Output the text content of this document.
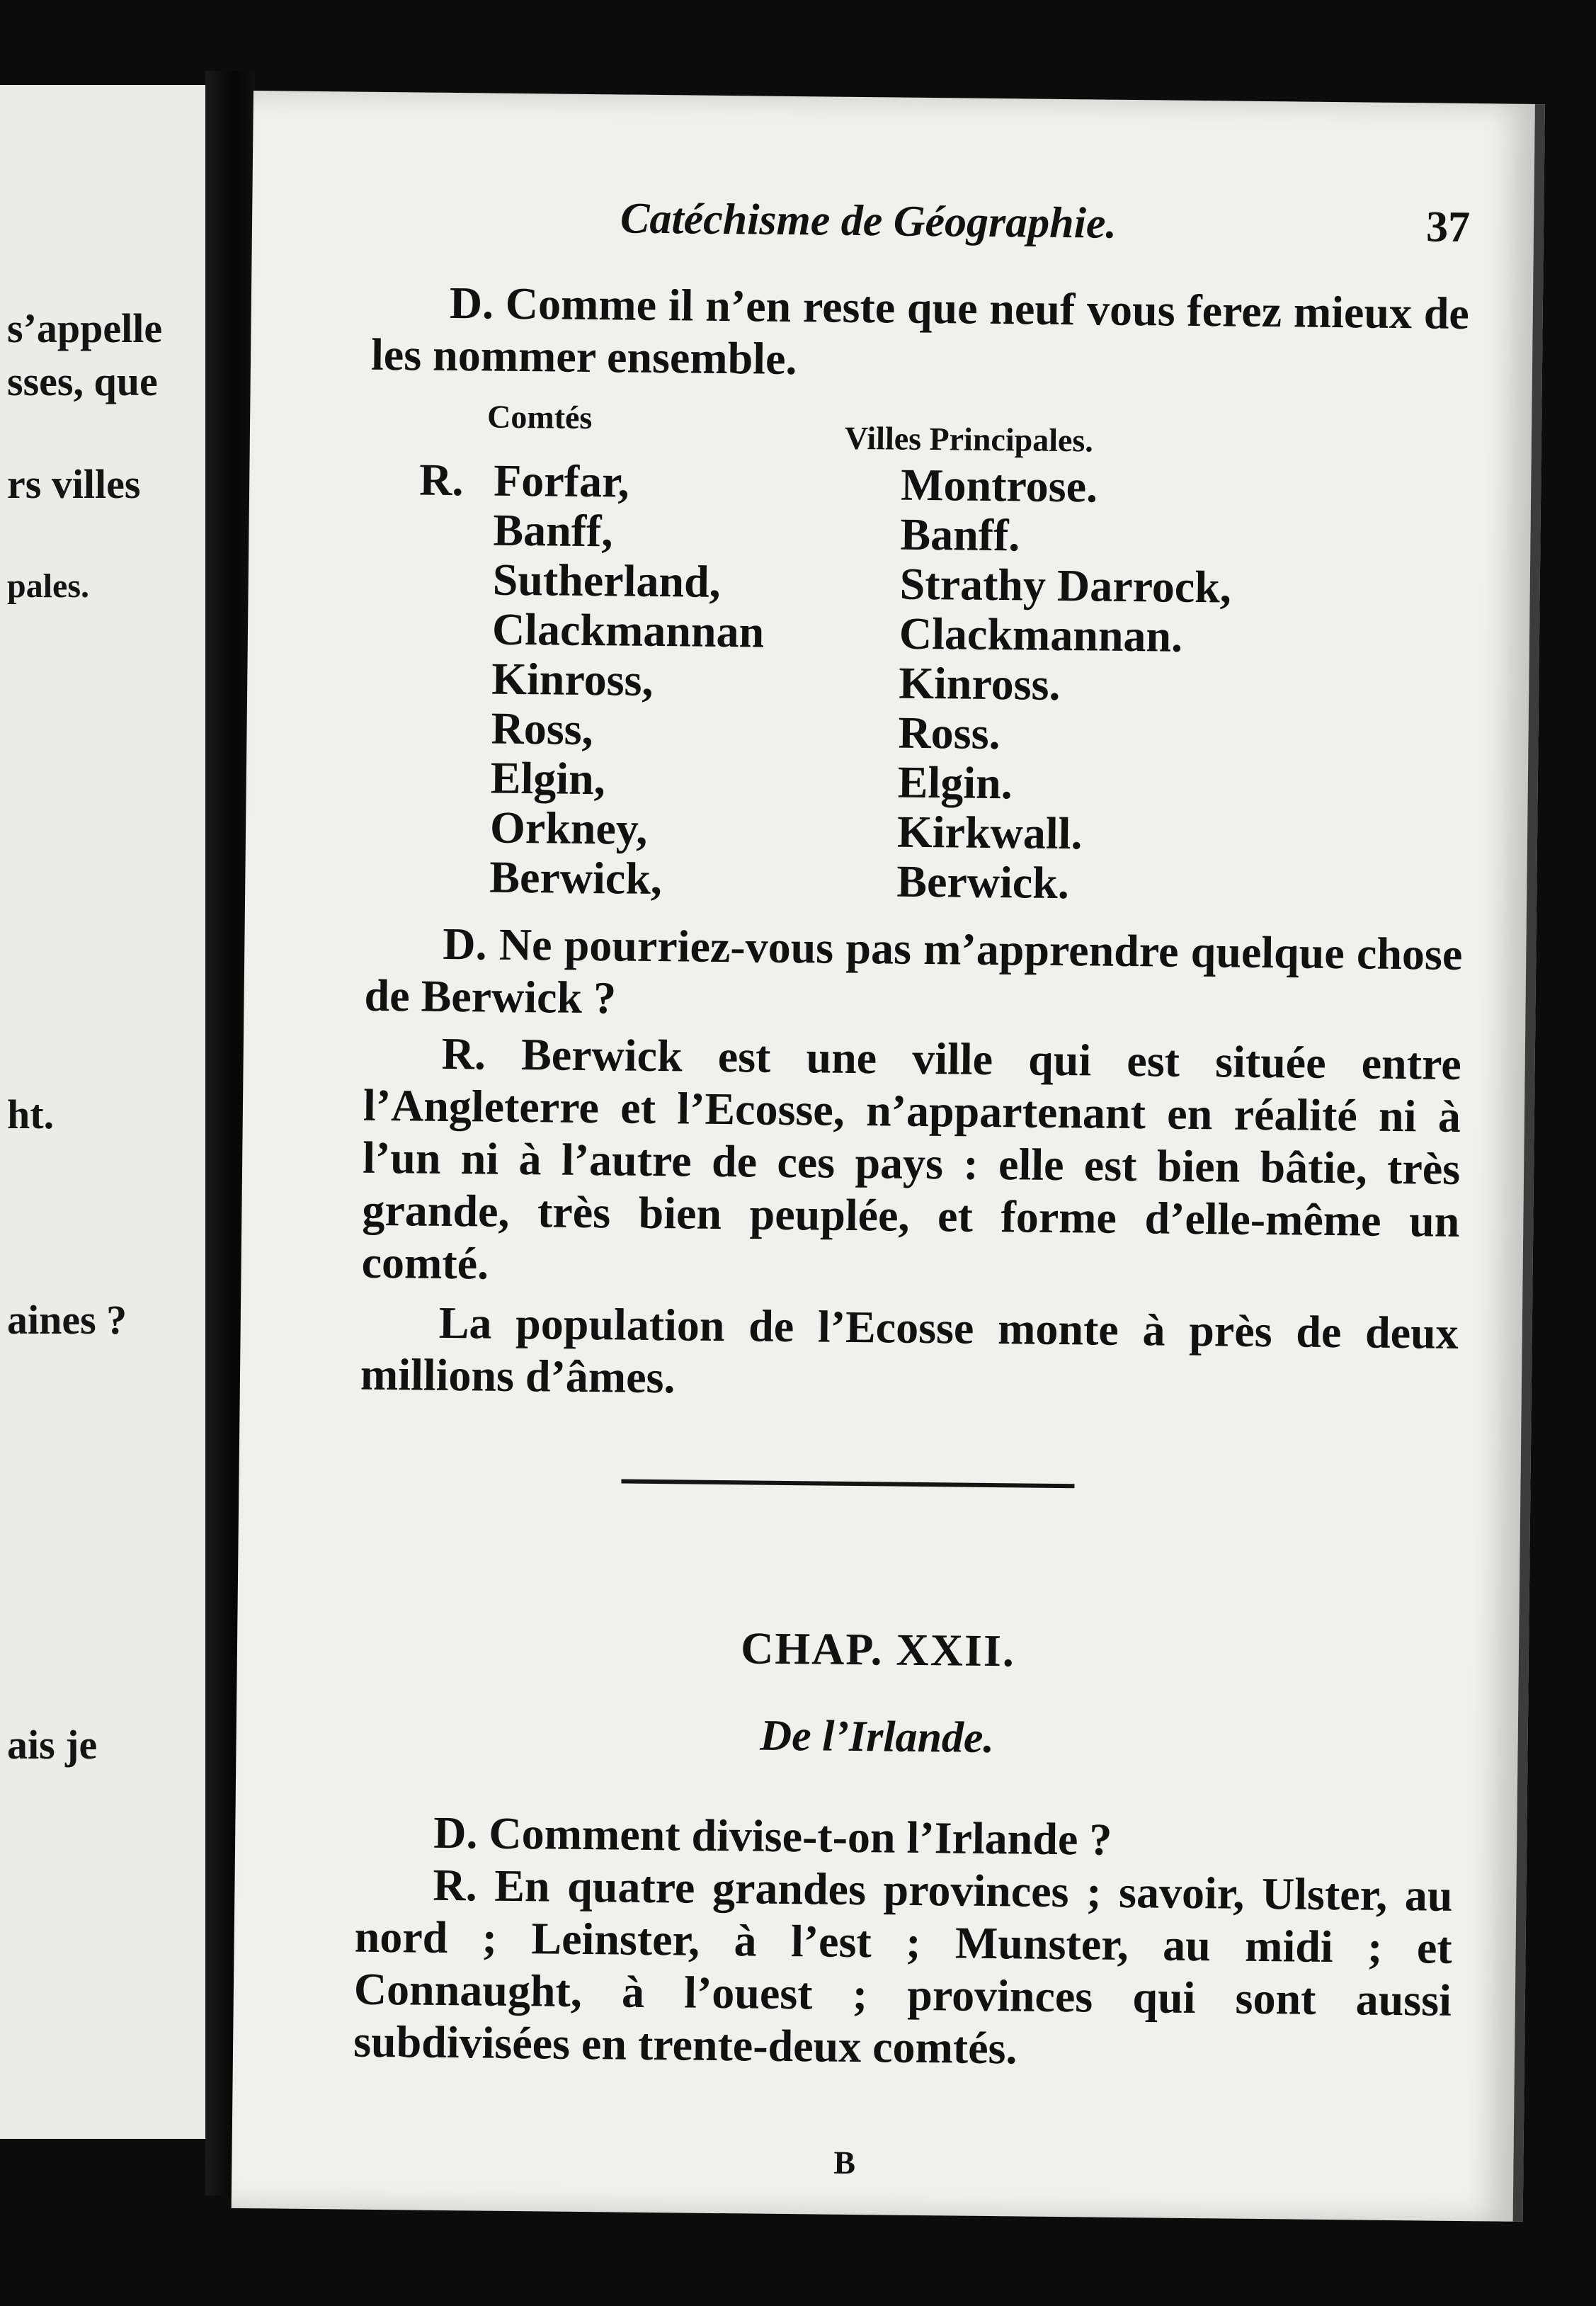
s’appelle
sses, que
rs villes
pales.
ht.
aines ?
ais je
Catéchisme de Géographie.	37
D. Comme il n’en reste que neuf vous ferez mieux de les nommer ensemble.
Comtés
Villes Principales.
R. Forfar,	Montrose.
Banff,	Banff.
Sutherland,	Strathy Darrock,
Clackmannan	Clackmannan.
Kinross,	Kinross.
Ross,	Ross.
Elgin,	Elgin.
Orkney,	Kirkwall.
Berwick,	Berwick.
D. Ne pourriez-vous pas m’apprendre quelque chose de Berwick ?
R. Berwick est une ville qui est située entre l’Angleterre et l’Ecosse, n’appartenant en réalité ni à l’un ni à l’autre de ces pays : elle est bien bâtie, très grande, très bien peuplée, et forme d’elle-même un comté.
La population de l’Ecosse monte à près de deux millions d’âmes.
CHAP. XXII.
De l’Irlande.
D. Comment divise-t-on l’Irlande ?
R. En quatre grandes provinces ; savoir, Ulster, au nord ; Leinster, à l’est ; Munster, au midi ; et Connaught, à l’ouest ; provinces qui sont aussi subdivisées en trente-deux comtés.
B
